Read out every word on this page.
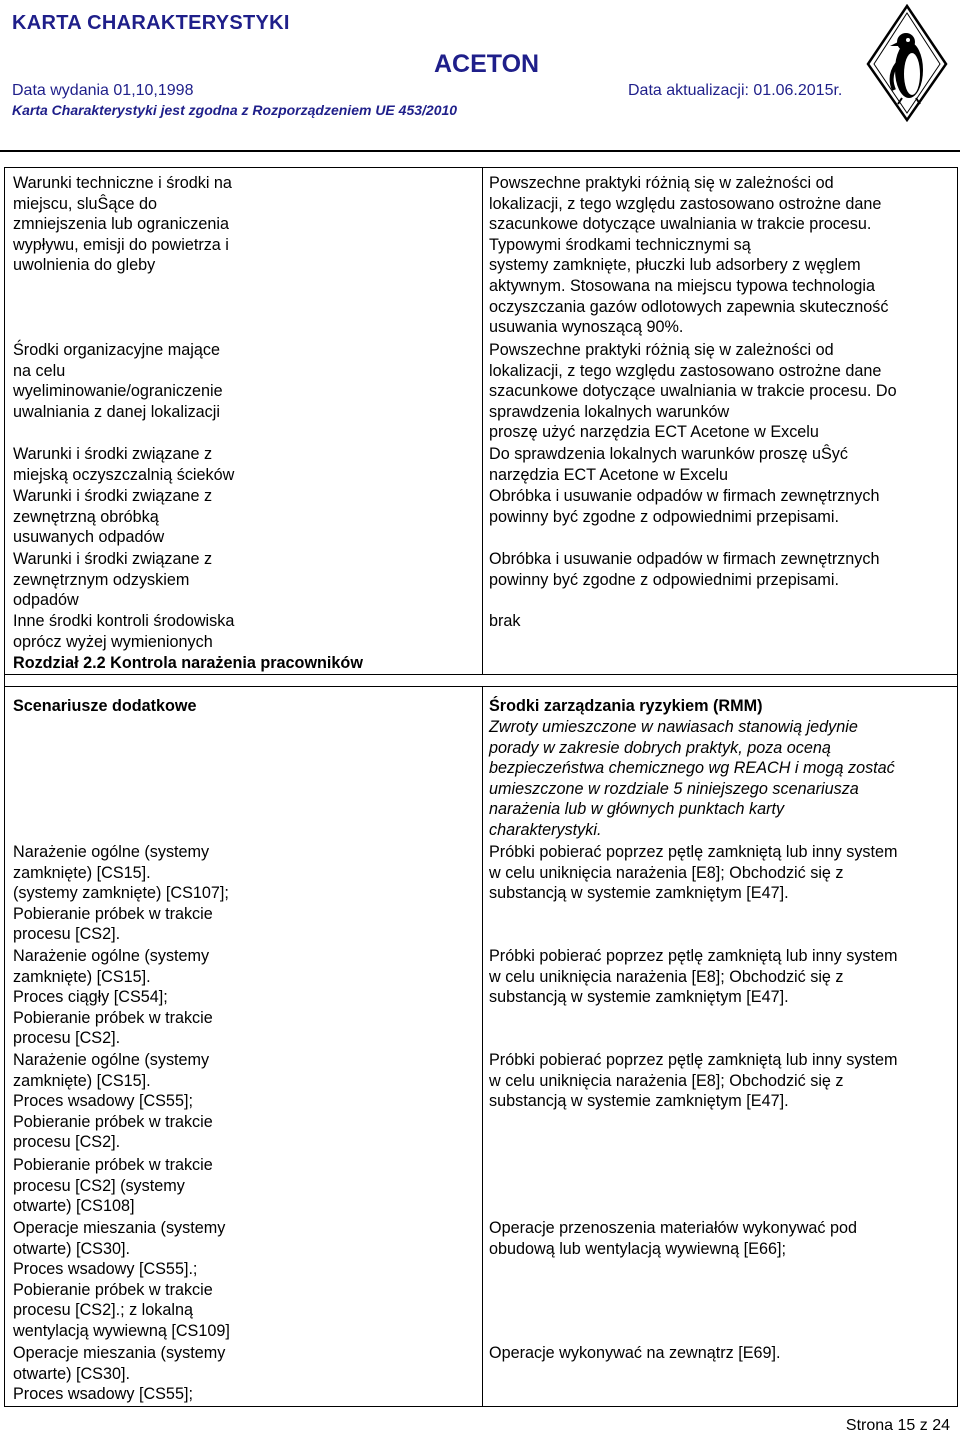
KARTA CHARAKTERYSTYKI
ACETON
Data wydania 01,10,1998	Data aktualizacji: 01.06.2015r.
Karta Charakterystyki jest zgodna z Rozporządzeniem UE 453/2010
Warunki techniczne i środki na
miejscu, sluŜące do
zmniejszenia lub ograniczenia
wypływu, emisji do powietrza i
uwolnienia do gleby
Powszechne praktyki różnią się w zależności od
lokalizacji, z tego względu zastosowano ostrożne dane
szacunkowe dotyczące uwalniania w trakcie procesu.
Typowymi środkami technicznymi są
systemy zamknięte, płuczki lub adsorbery z węglem
aktywnym. Stosowana na miejscu typowa technologia
oczyszczania gazów odlotowych zapewnia skuteczność
usuwania wynoszącą 90%.
Środki organizacyjne mające
na celu
wyeliminowanie/ograniczenie
uwalniania z danej lokalizacji
Powszechne praktyki różnią się w zależności od
lokalizacji, z tego względu zastosowano ostrożne dane
szacunkowe dotyczące uwalniania w trakcie procesu. Do
sprawdzenia lokalnych warunków
proszę użyć narzędzia ECT Acetone w Excelu
Warunki i środki związane z
miejską oczyszczalnią ścieków
Do sprawdzenia lokalnych warunków proszę uŜyć
narzędzia ECT Acetone w Excelu
Warunki i środki związane z
zewnętrzną obróbką
usuwanych odpadów
Obróbka i usuwanie odpadów w firmach zewnętrznych
powinny być zgodne z odpowiednimi przepisami.
Warunki i środki związane z
zewnętrznym odzyskiem
odpadów
Obróbka i usuwanie odpadów w firmach zewnętrznych
powinny być zgodne z odpowiednimi przepisami.
Inne środki kontroli środowiska
oprócz wyżej wymienionych
brak
Rozdział 2.2 Kontrola narażenia pracowników
Scenariusze dodatkowe	Środki zarządzania ryzykiem (RMM)
Zwroty umieszczone w nawiasach stanowią jedynie
porady w zakresie dobrych praktyk, poza oceną
bezpieczeństwa chemicznego wg REACH i mogą zostać
umieszczone w rozdziale 5 niniejszego scenariusza
narażenia lub w głównych punktach karty
charakterystyki.
Narażenie ogólne (systemy
zamknięte) [CS15].
(systemy zamknięte) [CS107];
Pobieranie próbek w trakcie
procesu [CS2].
Próbki pobierać poprzez pętlę zamkniętą lub inny system
w celu uniknięcia narażenia [E8]; Obchodzić się z
substancją w systemie zamkniętym [E47].
Narażenie ogólne (systemy
zamknięte) [CS15].
Proces ciągły [CS54];
Pobieranie próbek w trakcie
procesu [CS2].
Próbki pobierać poprzez pętlę zamkniętą lub inny system
w celu uniknięcia narażenia [E8]; Obchodzić się z
substancją w systemie zamkniętym [E47].
Narażenie ogólne (systemy
zamknięte) [CS15].
Proces wsadowy [CS55];
Pobieranie próbek w trakcie
procesu [CS2].
Próbki pobierać poprzez pętlę zamkniętą lub inny system
w celu uniknięcia narażenia [E8]; Obchodzić się z
substancją w systemie zamkniętym [E47].
Pobieranie próbek w trakcie
procesu [CS2] (systemy
otwarte) [CS108]
Operacje mieszania (systemy
otwarte) [CS30].
Proces wsadowy [CS55].;
Pobieranie próbek w trakcie
procesu [CS2].; z lokalną
wentylacją wywiewną [CS109]
Operacje przenoszenia materiałów wykonywać pod
obudową lub wentylacją wywiewną [E66];
Operacje mieszania (systemy
otwarte) [CS30].
Proces wsadowy [CS55];
Operacje wykonywać na zewnątrz [E69].
Strona 15 z 24
